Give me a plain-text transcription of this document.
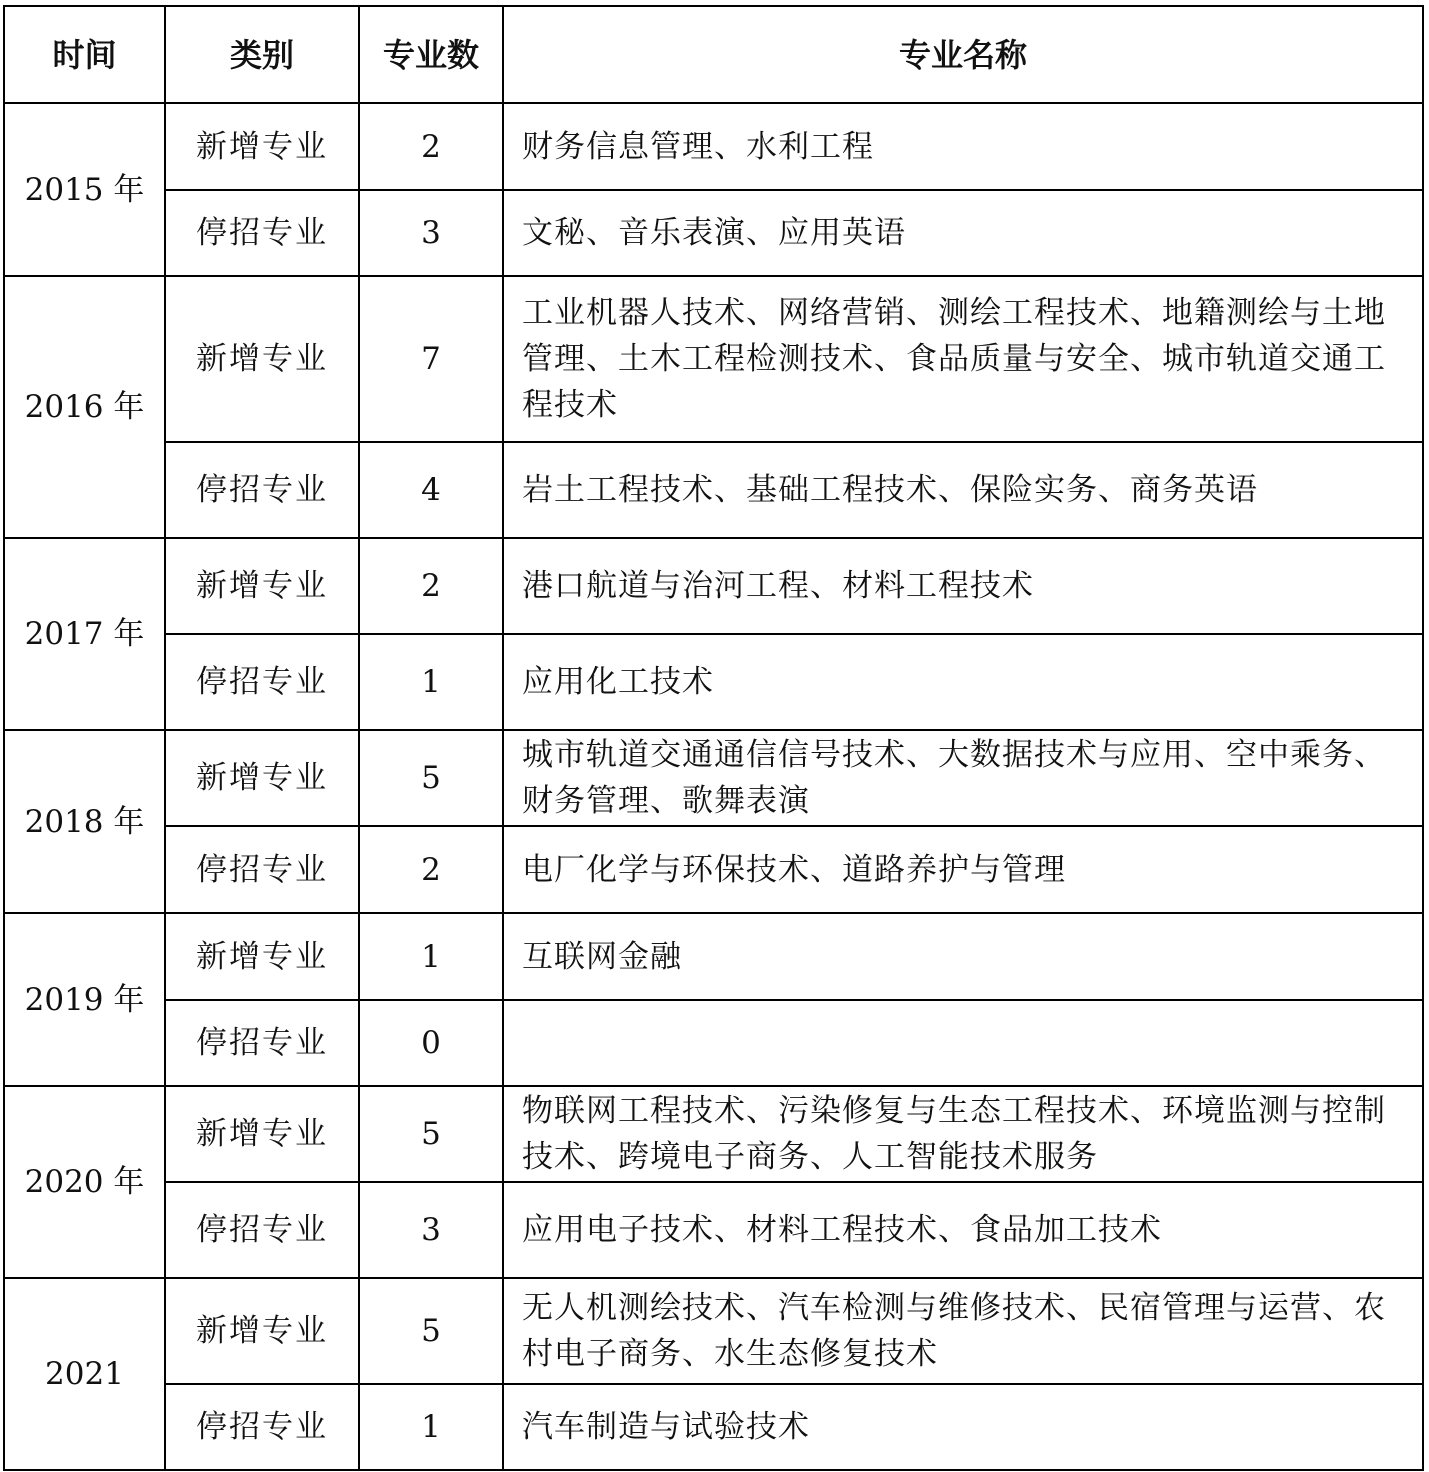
时间	类别	专业数	专业名称
2015 年	新增专业	2	财务信息管理、水利工程
	停招专业	3	文秘、音乐表演、应用英语
2016 年	新增专业	7	工业机器人技术、网络营销、测绘工程技术、地籍测绘与土地管理、土木工程检测技术、食品质量与安全、城市轨道交通工程技术
	停招专业	4	岩土工程技术、基础工程技术、保险实务、商务英语
2017 年	新增专业	2	港口航道与治河工程、材料工程技术
	停招专业	1	应用化工技术
2018 年	新增专业	5	城市轨道交通通信信号技术、大数据技术与应用、空中乘务、财务管理、歌舞表演
	停招专业	2	电厂化学与环保技术、道路养护与管理
2019 年	新增专业	1	互联网金融
	停招专业	0	
2020 年	新增专业	5	物联网工程技术、污染修复与生态工程技术、环境监测与控制技术、跨境电子商务、人工智能技术服务
	停招专业	3	应用电子技术、材料工程技术、食品加工技术
2021	新增专业	5	无人机测绘技术、汽车检测与维修技术、民宿管理与运营、农村电子商务、水生态修复技术
	停招专业	1	汽车制造与试验技术
